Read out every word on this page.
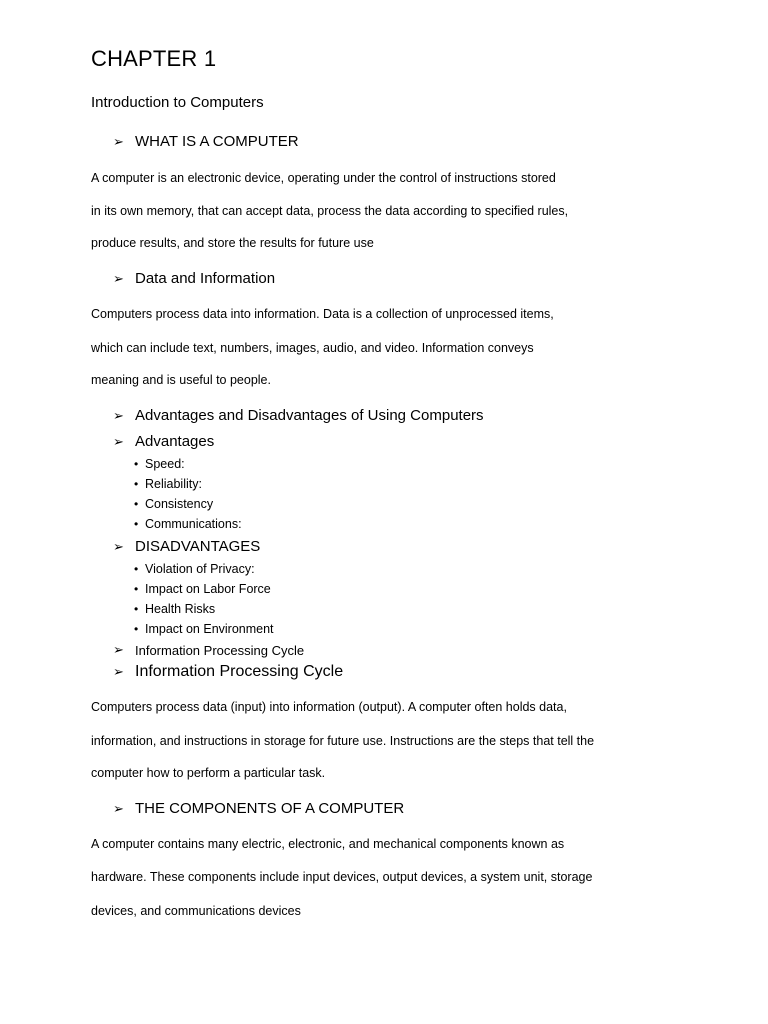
CHAPTER 1
Introduction to Computers
➢ WHAT IS A COMPUTER
A computer is an electronic device, operating under the control of instructions stored
in its own memory, that can accept data, process the data according to specified rules,
produce results, and store the results for future use
➢ Data and Information
Computers process data into information. Data is a collection of unprocessed items,
which can include text, numbers, images, audio, and video. Information conveys
meaning and is useful to people.
➢ Advantages and Disadvantages of Using Computers
➢ Advantages
• Speed:
• Reliability:
• Consistency
• Communications:
➢ DISADVANTAGES
• Violation of Privacy:
• Impact on Labor Force
• Health Risks
• Impact on Environment
➢ Information Processing Cycle
➢ Information Processing Cycle
Computers process data (input) into information (output). A computer often holds data,
information, and instructions in storage for future use. Instructions are the steps that tell the
computer how to perform a particular task.
➢ THE COMPONENTS OF A COMPUTER
A computer contains many electric, electronic, and mechanical components known as
hardware. These components include input devices, output devices, a system unit, storage
devices, and communications devices
